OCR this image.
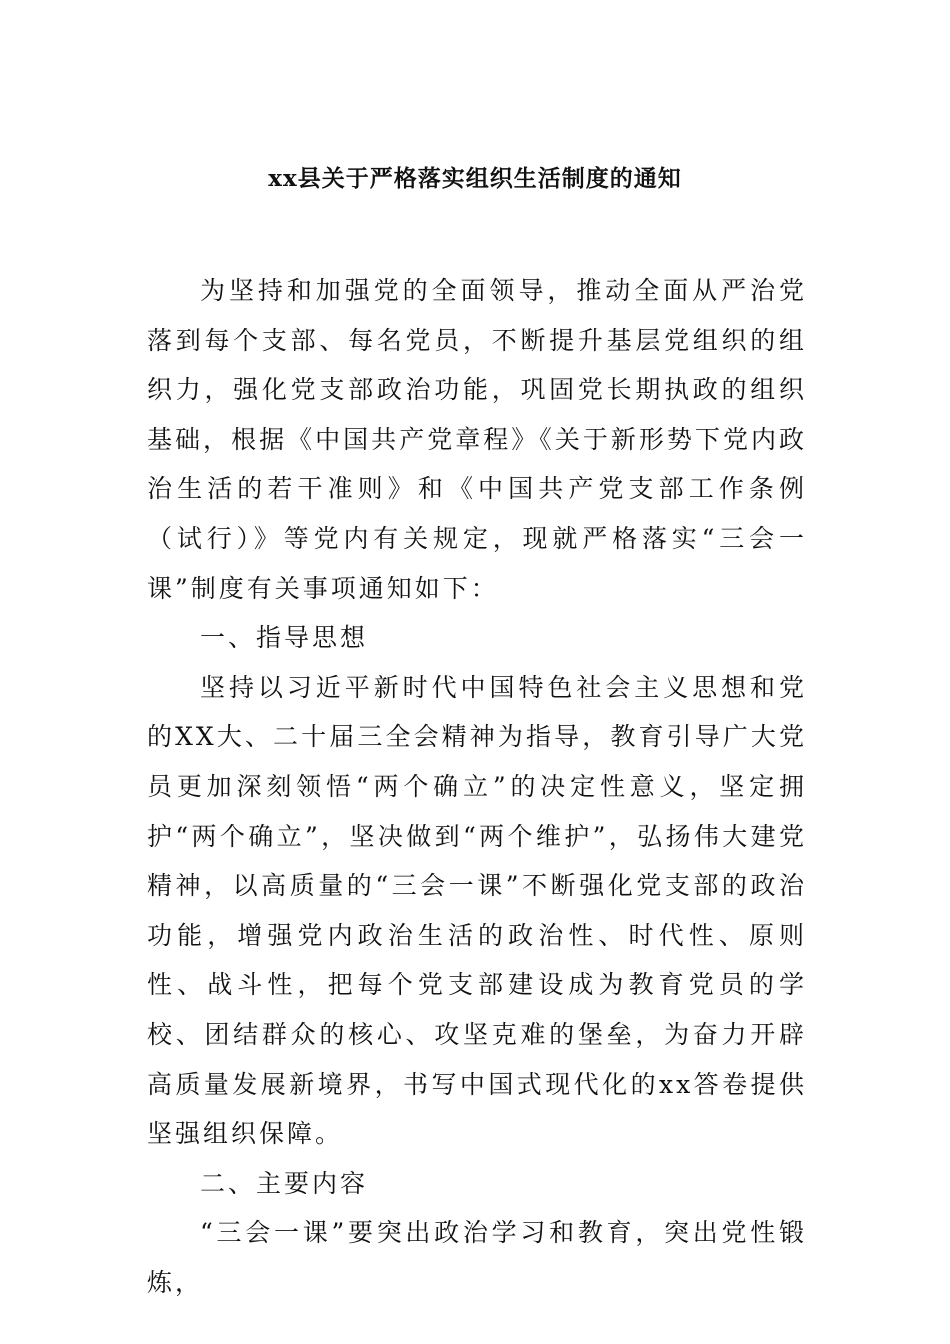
xx县关于严格落实组织生活制度的通知

为坚持和加强党的全面领导，推动全面从严治党落到每个支部、每名党员，不断提升基层党组织的组织力，强化党支部政治功能，巩固党长期执政的组织基础，根据《中国共产党章程》《关于新形势下党内政治生活的若干准则》和《中国共产党支部工作条例（试行）》等党内有关规定，现就严格落实“三会一课”制度有关事项通知如下：

一、指导思想

坚持以习近平新时代中国特色社会主义思想和党的XX大、二十届三全会精神为指导，教育引导广大党员更加深刻领悟“两个确立”的决定性意义，坚定拥护“两个确立”，坚决做到“两个维护”，弘扬伟大建党精神，以高质量的“三会一课”不断强化党支部的政治功能，增强党内政治生活的政治性、时代性、原则性、战斗性，把每个党支部建设成为教育党员的学校、团结群众的核心、攻坚克难的堡垒，为奋力开辟高质量发展新境界，书写中国式现代化的xx答卷提供坚强组织保障。

二、主要内容

“三会一课”要突出政治学习和教育，突出党性锻炼，
